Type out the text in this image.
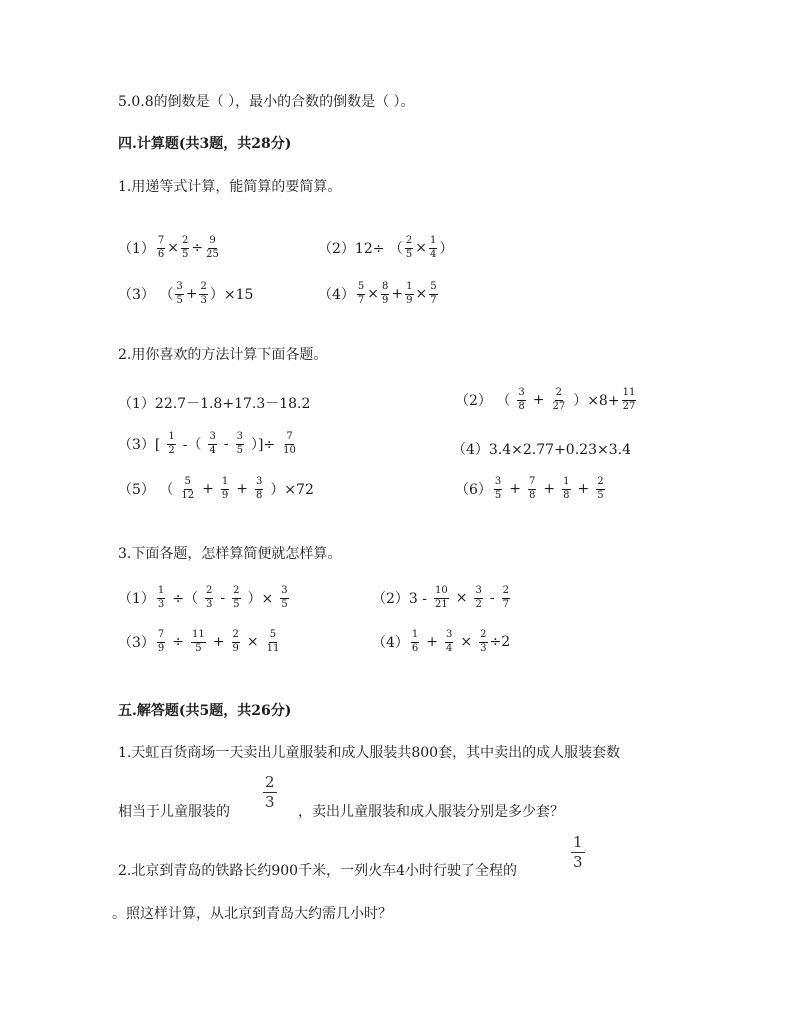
5.0.8的倒数是（ ），最小的合数的倒数是（ ）。
四.计算题(共3题，共28分)
1.用递等式计算，能简算的要简算。
$(1) \frac{7}{6} \times \frac{2}{5} \div \frac{9}{25}$	（2） 12÷ （ $\frac{2}{5} \times \frac{1}{4}$ ）
（3） （ $\frac{3}{5} + \frac{2}{3} )\times 15$	$(4) \frac{5}{7} \times \frac{8}{9} + \frac{1}{9} \times \frac{5}{7}$
2.用你喜欢的方法计算下面各题。
（1）22.7－1.8+17.3－18.2	（2） （ $\frac{3}{8} + \frac{2}{27} )\times 8+ \frac{11}{27}$
$(3)[ \frac{1}{2}$ -（ $\frac{3}{4} - \frac{3}{5}$ ）]÷ $\frac{7}{10}$	（4）3.4×2.77+0.23×3.4
（5） （ $\frac{5}{12} + \frac{1}{9} + \frac{3}{8} )\times 72$	$(6) \frac{3}{5} + \frac{7}{8} + \frac{1}{8} + \frac{2}{5}$
3.下面各题，怎样算简便就怎样算。
$(1) \frac{1}{3}$ ÷（ $\frac{2}{3} - \frac{2}{5}$ ）× $\frac{3}{5}$	$(2)3 - \frac{10}{21} \times \frac{3}{2} - \frac{2}{7}$
$(3) \frac{7}{9} \div \frac{11}{5} + \frac{2}{9} \times \frac{5}{11}$	$(4) \frac{1}{6} + \frac{3}{4} \times \frac{2}{3} \div 2$
五.解答题(共5题，共26分)
1.天虹百货商场一天卖出儿童服装和成人服装共800套，其中卖出的成人服装套数
2
3
相当于儿童服装的	，卖出儿童服装和成人服装分别是多少套？
2.北京到青岛的铁路长约900千米，一列火车4小时行驶了全程的
1
3
。照这样计算，从北京到青岛大约需几小时？
